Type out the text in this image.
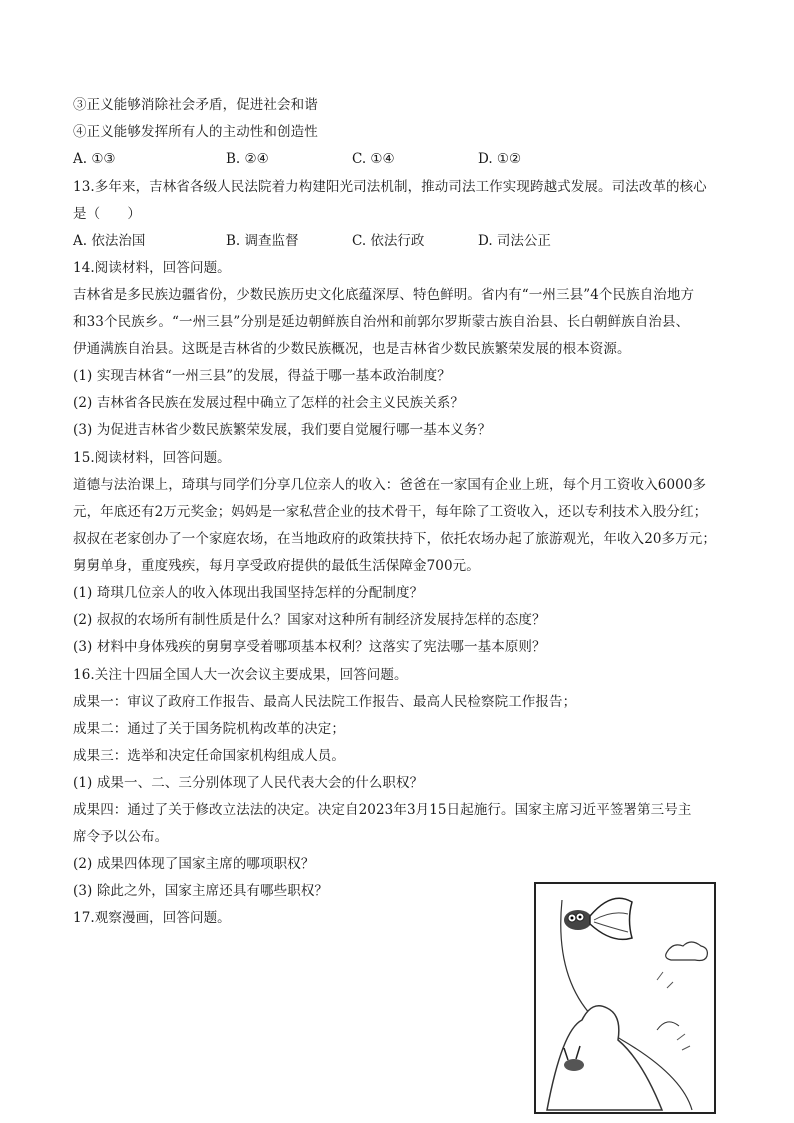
③正义能够消除社会矛盾，促进社会和谐
④正义能够发挥所有人的主动性和创造性
A. ①③	B. ②④	C. ①④	D. ①②
13.多年来，吉林省各级人民法院着力构建阳光司法机制，推动司法工作实现跨越式发展。司法改革的核心
是（　　）
A. 依法治国	B. 调查监督	C. 依法行政	D. 司法公正
14.阅读材料，回答问题。
吉林省是多民族边疆省份，少数民族历史文化底蕴深厚、特色鲜明。省内有“一州三县”4个民族自治地方
和33个民族乡。“一州三县”分别是延边朝鲜族自治州和前郭尔罗斯蒙古族自治县、长白朝鲜族自治县、
伊通满族自治县。这既是吉林省的少数民族概况，也是吉林省少数民族繁荣发展的根本资源。
(1) 实现吉林省“一州三县”的发展，得益于哪一基本政治制度？
(2) 吉林省各民族在发展过程中确立了怎样的社会主义民族关系？
(3) 为促进吉林省少数民族繁荣发展，我们要自觉履行哪一基本义务？
15.阅读材料，回答问题。
道德与法治课上，琦琪与同学们分享几位亲人的收入：爸爸在一家国有企业上班，每个月工资收入6000多
元，年底还有2万元奖金；妈妈是一家私营企业的技术骨干，每年除了工资收入，还以专利技术入股分红；
叔叔在老家创办了一个家庭农场，在当地政府的政策扶持下，依托农场办起了旅游观光，年收入20多万元；
舅舅单身，重度残疾，每月享受政府提供的最低生活保障金700元。
(1) 琦琪几位亲人的收入体现出我国坚持怎样的分配制度？
(2) 叔叔的农场所有制性质是什么？国家对这种所有制经济发展持怎样的态度？
(3) 材料中身体残疾的舅舅享受着哪项基本权利？这落实了宪法哪一基本原则？
16.关注十四届全国人大一次会议主要成果，回答问题。
成果一：审议了政府工作报告、最高人民法院工作报告、最高人民检察院工作报告；
成果二：通过了关于国务院机构改革的决定；
成果三：选举和决定任命国家机构组成人员。
(1) 成果一、二、三分别体现了人民代表大会的什么职权？
成果四：通过了关于修改立法法的决定。决定自2023年3月15日起施行。国家主席习近平签署第三号主
席令予以公布。
(2) 成果四体现了国家主席的哪项职权？
(3) 除此之外，国家主席还具有哪些职权？
17.观察漫画，回答问题。
